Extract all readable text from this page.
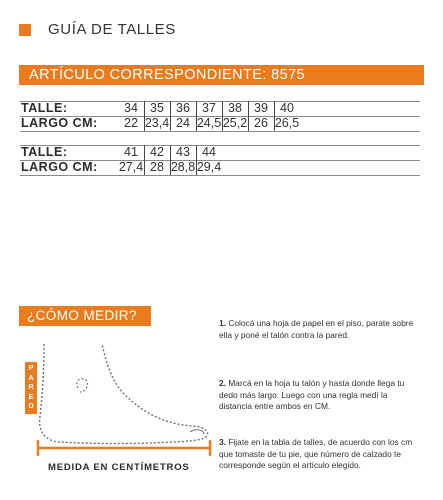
GUÍA DE TALLES
ARTÍCULO CORRESPONDIENTE: 8575
TALLE:
LARGO CM:
34
22
35
23,4
36
24
37
24,5
38
25,2
39
26
40
26,5
TALLE:
LARGO CM:
41
27,4
42
28
43
28,8
44
29,4
¿CÓMO MEDIR?
P
A
R
E
D
MEDIDA EN CENTÍMETROS
1. Colocá una hoja de papel en el piso, parate sobre ella y poné el talón contra la pared.
2. Marcá en la hoja tu talón y hasta donde llega tu dedo más largo. Luego con una regla medí la distancia entre ambos en CM.
3. Fijate en la tabla de talles, de acuerdo con los cm que tomaste de tu pie, que número de calzado te corresponde según el artículo elegido.
